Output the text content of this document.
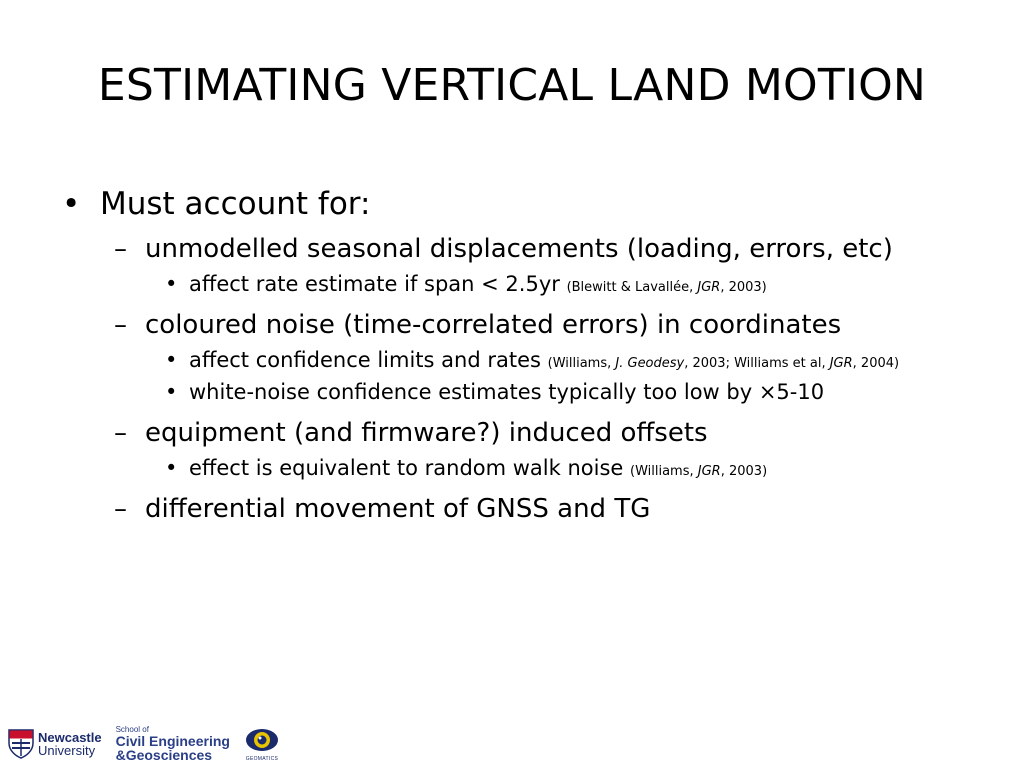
ESTIMATING VERTICAL LAND MOTION
• Must account for:
– unmodelled seasonal displacements (loading, errors, etc)
• affect rate estimate if span < 2.5yr (Blewitt & Lavallée, JGR, 2003)
– coloured noise (time-correlated errors) in coordinates
• affect confidence limits and rates (Williams, J. Geodesy, 2003; Williams et al, JGR, 2004)
• white-noise confidence estimates typically too low by ×5-10
– equipment (and firmware?) induced offsets
• effect is equivalent to random walk noise (Williams, JGR, 2003)
– differential movement of GNSS and TG
Newcastle
University
School of
Civil Engineering
&Geosciences	GEOMATICS
